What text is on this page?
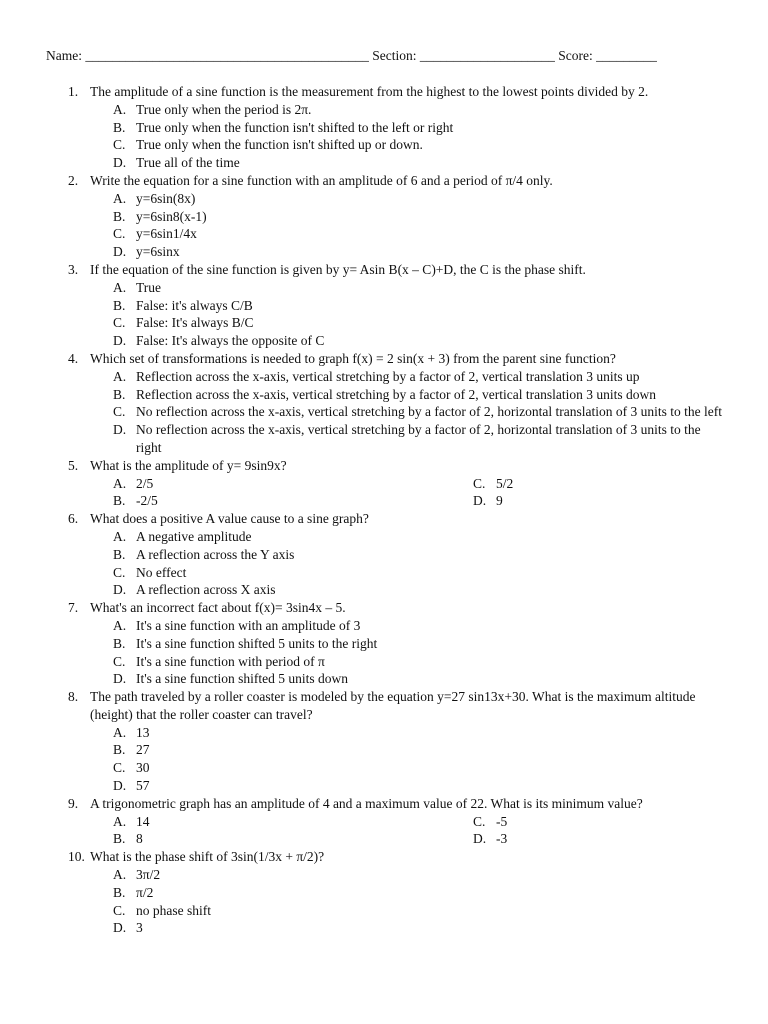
Name: __________________________________________ Section: ____________________ Score: _________
1. The amplitude of a sine function is the measurement from the highest to the lowest points divided by 2.
A. True only when the period is 2π.
B. True only when the function isn't shifted to the left or right
C. True only when the function isn't shifted up or down.
D. True all of the time
2. Write the equation for a sine function with an amplitude of 6 and a period of π/4 only.
A. y=6sin(8x)
B. y=6sin8(x-1)
C. y=6sin1/4x
D. y=6sinx
3. If the equation of the sine function is given by y= Asin B(x – C)+D, the C is the phase shift.
A. True
B. False: it's always C/B
C. False: It's always B/C
D. False: It's always the opposite of C
4. Which set of transformations is needed to graph f(x) = 2 sin(x + 3) from the parent sine function?
A. Reflection across the x-axis, vertical stretching by a factor of 2, vertical translation 3 units up
B. Reflection across the x-axis, vertical stretching by a factor of 2, vertical translation 3 units down
C. No reflection across the x-axis, vertical stretching by a factor of 2, horizontal translation of 3 units to the left
D. No reflection across the x-axis, vertical stretching by a factor of 2, horizontal translation of 3 units to the right
5. What is the amplitude of y= 9sin9x?
A. 2/5	C. 5/2
B. -2/5	D. 9
6. What does a positive A value cause to a sine graph?
A. A negative amplitude
B. A reflection across the Y axis
C. No effect
D. A reflection across X axis
7. What's an incorrect fact about f(x)= 3sin4x – 5.
A. It's a sine function with an amplitude of 3
B. It's a sine function shifted 5 units to the right
C. It's a sine function with period of π
D. It's a sine function shifted 5 units down
8. The path traveled by a roller coaster is modeled by the equation y=27 sin13x+30. What is the maximum altitude (height) that the roller coaster can travel?
A. 13
B. 27
C. 30
D. 57
9. A trigonometric graph has an amplitude of 4 and a maximum value of 22. What is its minimum value?
A. 14	C. -5
B. 8	D. -3
10. What is the phase shift of 3sin(1/3x + π/2)?
A. 3π/2
B. π/2
C. no phase shift
D. 3
